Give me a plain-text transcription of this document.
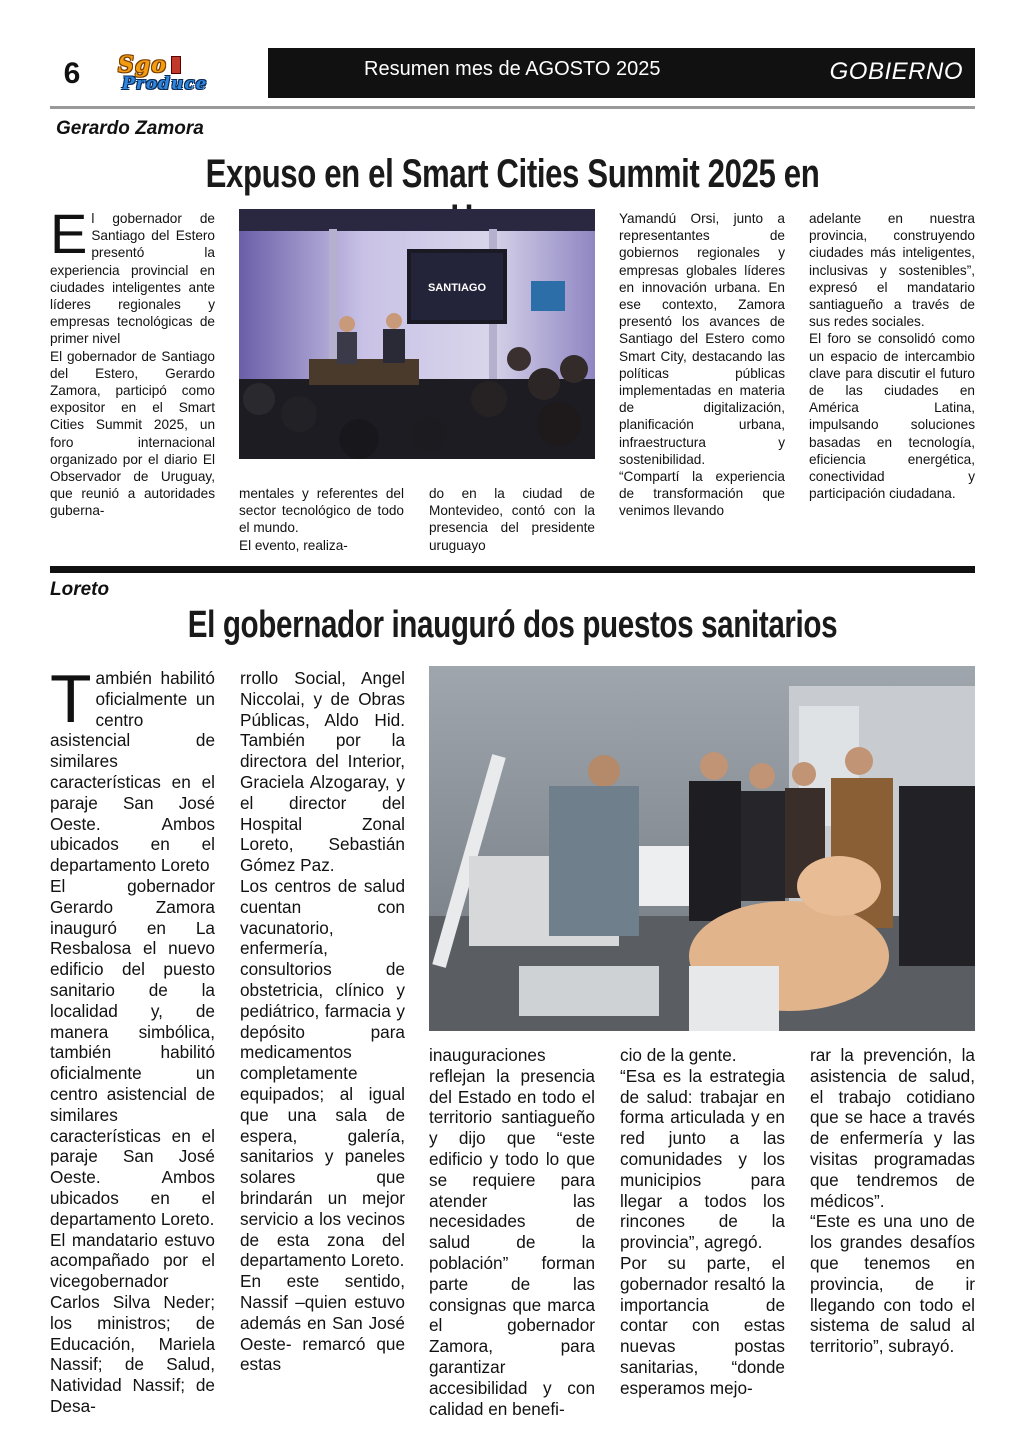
6	Sgo
Produce
Resumen mes de AGOSTO 2025	GOBIERNO
Gerardo Zamora
Expuso en el Smart Cities Summit 2025 en

El gobernador de Santiago del Estero presentó la experiencia provincial en ciudades inteligentes ante líderes regionales y empresas tecnológicas de primer nivel

El gobernador de Santiago del Estero, Gerardo Zamora, participó como expositor en el Smart Cities Summit 2025, un foro internacional organizado por el diario El Observador de Uruguay, que reunió a autoridades guberna-

SANTIAGO

mentales y referentes del sector tecnológico de todo el mundo.

El evento, realiza-

do en la ciudad de Montevideo, contó con la presencia del presidente uruguayo

Yamandú Orsi, junto a representantes de gobiernos regionales y empresas globales líderes en innovación urbana. En ese contexto, Zamora presentó los avances de Santiago del Estero como Smart City, destacando las políticas públicas implementadas en materia de digitalización, planificación urbana, infraestructura y sostenibilidad.

“Compartí la experiencia de transformación que venimos llevando

adelante en nuestra provincia, construyendo ciudades más inteligentes, inclusivas y sostenibles”, expresó el mandatario santiagueño a través de sus redes sociales.

El foro se consolidó como un espacio de intercambio clave para discutir el futuro de las ciudades en América Latina, impulsando soluciones basadas en tecnología, eficiencia energética, conectividad y participación ciudadana.

Loreto
El gobernador inauguró dos puestos sanitarios

También habilitó oficialmente un centro asistencial de similares características en el paraje San José Oeste. Ambos ubicados en el departamento Loreto

El gobernador Gerardo Zamora inauguró en La Resbalosa el nuevo edificio del puesto sanitario de la localidad y, de manera simbólica, también habilitó oficialmente un centro asistencial de similares características en el paraje San José Oeste. Ambos ubicados en el departamento Loreto.

El mandatario estuvo acompañado por el vicegobernador Carlos Silva Neder; los ministros; de Educación, Mariela Nassif; de Salud, Natividad Nassif; de Desa-

rrollo Social, Angel Niccolai, y de Obras Públicas, Aldo Hid. También por la directora del Interior, Graciela Alzogaray, y el director del Hospital Zonal Loreto, Sebastián Gómez Paz.

Los centros de salud cuentan con vacunatorio, enfermería, consultorios de obstetricia, clínico y pediátrico, farmacia y depósito para medicamentos completamente equipados; al igual que una sala de espera, galería, sanitarios y paneles solares que brindarán un mejor servicio a los vecinos de esta zona del departamento Loreto.

En este sentido, Nassif –quien estuvo además en San José Oeste- remarcó que estas

inauguraciones reflejan la presencia del Estado en todo el territorio santiagueño y dijo que “este edificio y todo lo que se requiere para atender las necesidades de salud de la población” forman parte de las consignas que marca el gobernador Zamora, para garantizar accesibilidad y con calidad en benefi-

cio de la gente.

“Esa es la estrategia de salud: trabajar en forma articulada y en red junto a las comunidades y los municipios para llegar a todos los rincones de la provincia”, agregó.

Por su parte, el gobernador resaltó la importancia de contar con estas nuevas postas sanitarias, “donde esperamos mejo-

rar la prevención, la asistencia de salud, el trabajo cotidiano que se hace a través de enfermería y las visitas programadas que tendremos de médicos”.

“Este es una uno de los grandes desafíos que tenemos en provincia, de ir llegando con todo el sistema de salud al territorio”, subrayó.
